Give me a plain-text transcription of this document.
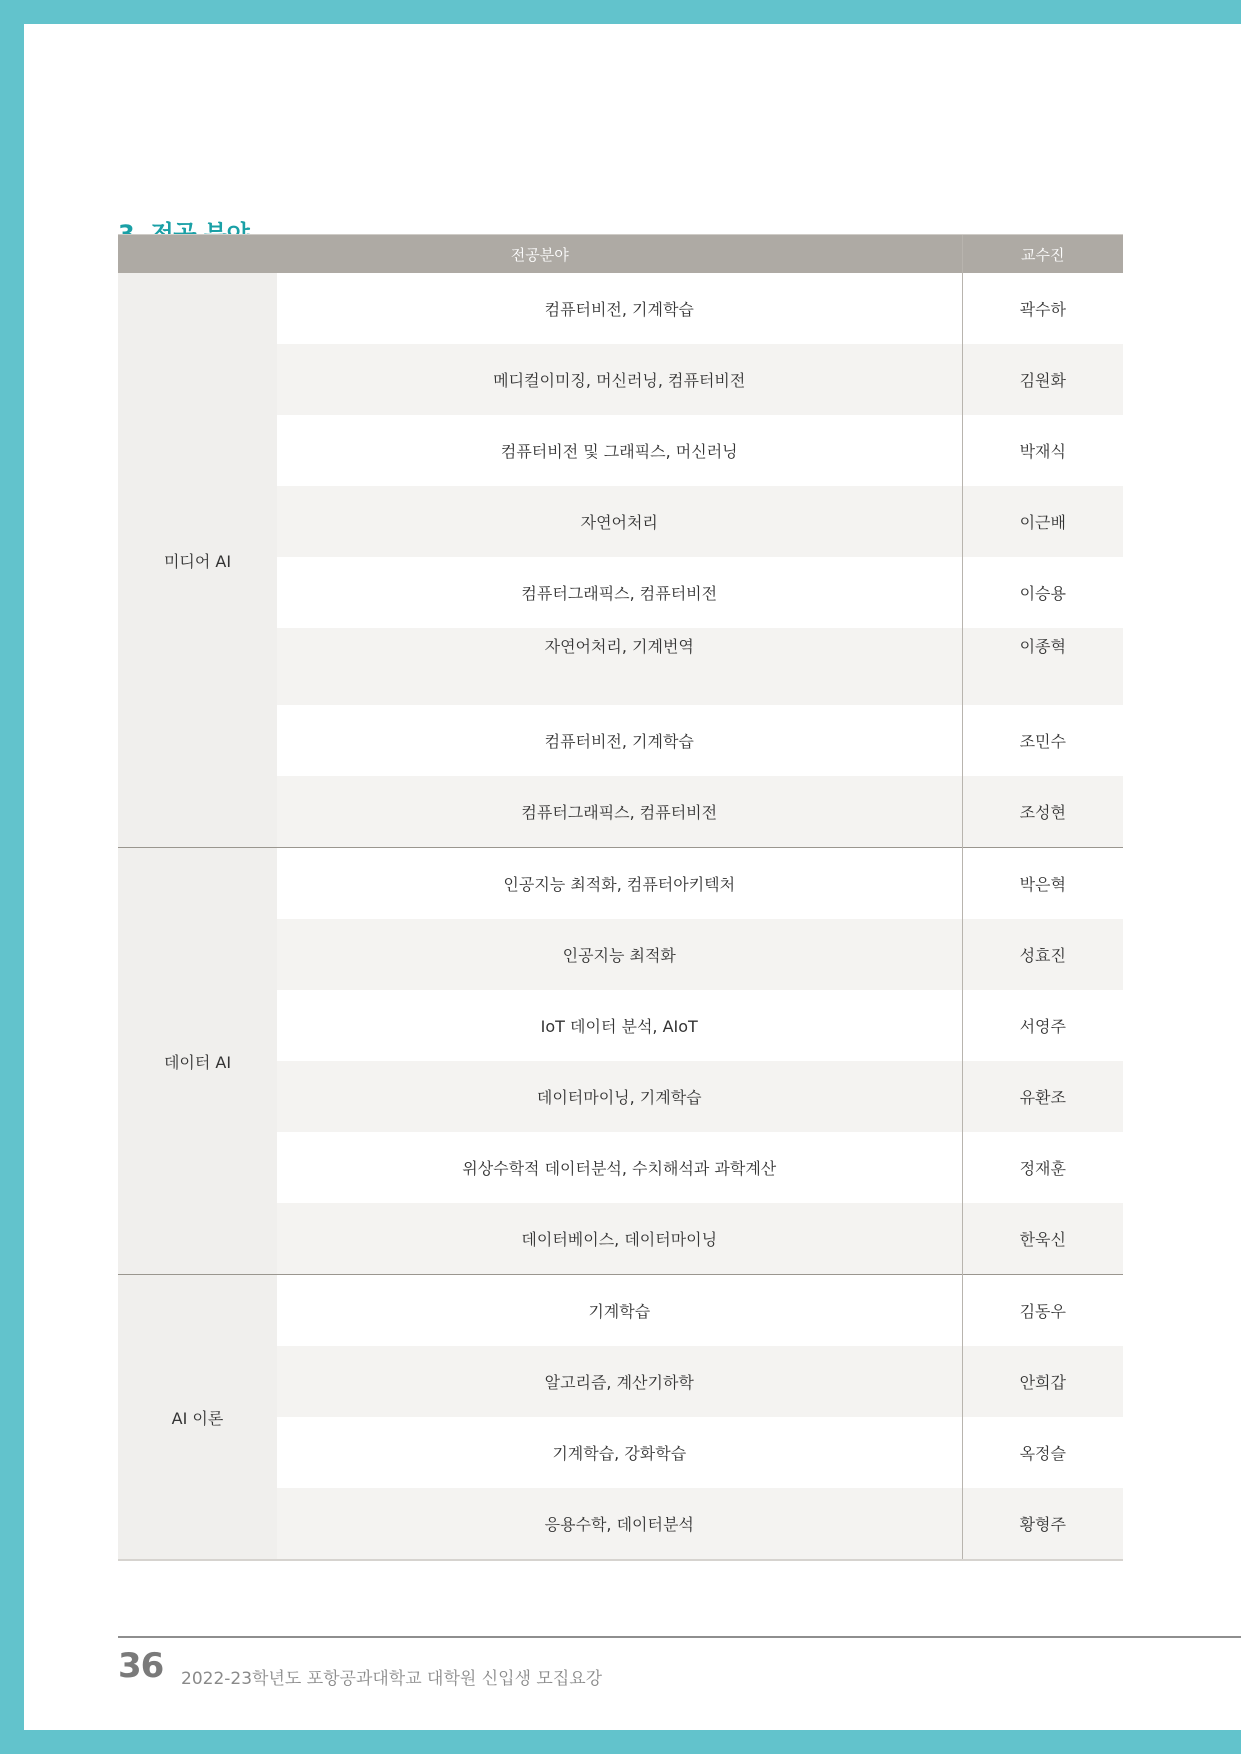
전공분야		교수진
미디어 AI	컴퓨터비전, 기계학습	곽수하
	메디컬이미징, 머신러닝, 컴퓨터비전	김원화
	컴퓨터비전 및 그래픽스, 머신러닝	박재식
	자연어처리	이근배
	컴퓨터그래픽스, 컴퓨터비전	이승용
	자연어처리, 기계번역	이종혁
	컴퓨터비전, 기계학습	조민수
	컴퓨터그래픽스, 컴퓨터비전	조성현
데이터 AI	인공지능 최적화, 컴퓨터아키텍처	박은혁
	인공지능 최적화	성효진
	IoT 데이터 분석, AIoT	서영주
	데이터마이닝, 기계학습	유환조
	위상수학적 데이터분석, 수치해석과 과학계산	정재훈
	데이터베이스, 데이터마이닝	한욱신
AI 이론	기계학습	김동우
	알고리즘, 계산기하학	안희갑
	기계학습, 강화학습	옥정슬
	응용수학, 데이터분석	황형주
36 2022-23학년도 포항공과대학교 대학원 신입생 모집요강
